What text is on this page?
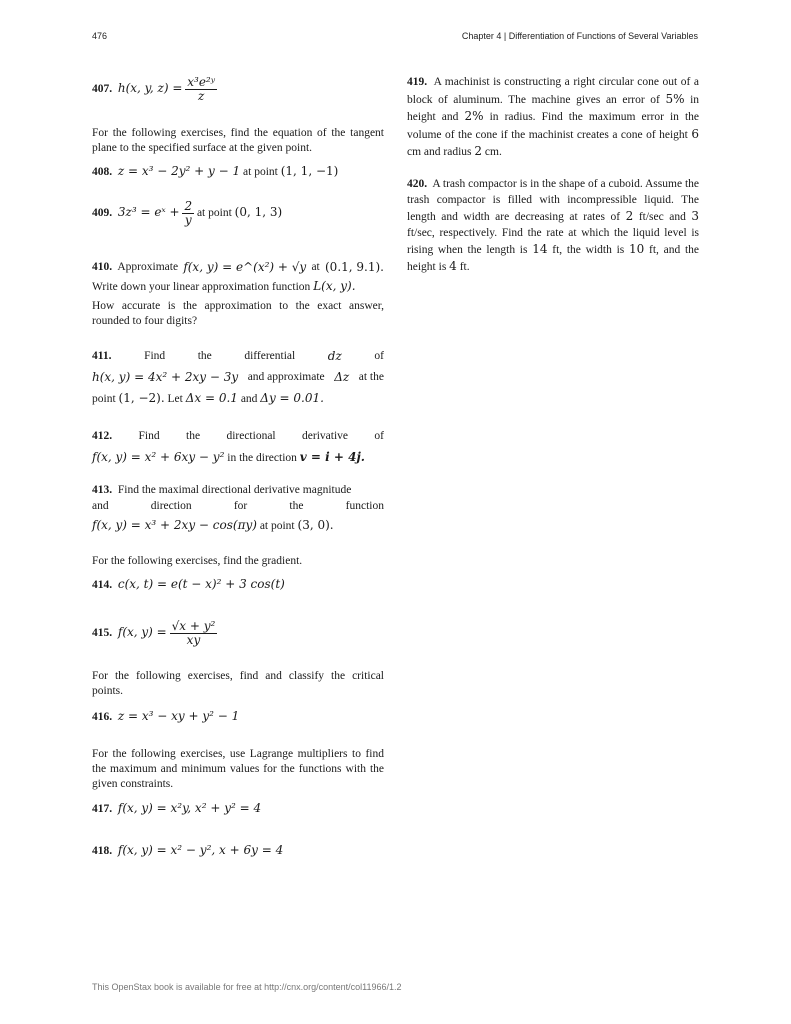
476	Chapter 4 | Differentiation of Functions of Several Variables
407. h(x, y, $z) = \frac{\text{x³e²ʸ}}{z}$
For the following exercises, find the equation of the tangent plane to the specified surface at the given point.
408. z = x³ − 2y² + y − 1 at point (1, 1, −1)
409. 3z³ = eˣ + $\frac{2}{y}$ at point (0, 1, 3)
410. Approximate f(x, y) = e^(x²) + √y at (0.1, 9.1).
Write down your linear approximation function L(x, y).
How accurate is the approximation to the exact answer, rounded to four digits?
411.	Find	the	differential	dz	of
h(x, y) = 4x² + 2xy − 3y and approximate Δz at the
point (1, −2). Let Δx = 0.1 and Δy = 0.01.
412. Find the directional derivative of
f(x, y) = x² + 6xy − y² in the direction v = i + 4j.
413. Find the maximal directional derivative magnitude
and	direction	for	the	function
f(x, y) = x³ + 2xy − cos(πy) at point (3, 0).
For the following exercises, find the gradient.
414. c(x, t) = e(t − x)² + 3 cos(t)
415. f(x, $y) = \frac{\text{√x + y²}}{xy}$
For the following exercises, find and classify the critical points.
416. z = x³ − xy + y² − 1
For the following exercises, use Lagrange multipliers to find the maximum and minimum values for the functions with the given constraints.
417. f(x, y) = x²y, x² + y² = 4
418. f(x, y) = x² − y², x + 6y = 4
419. A machinist is constructing a right circular cone out of a block of aluminum. The machine gives an error of 5% in height and 2% in radius. Find the maximum error in the volume of the cone if the machinist creates a cone of height 6 cm and radius 2 cm.
420. A trash compactor is in the shape of a cuboid. Assume the trash compactor is filled with incompressible liquid. The length and width are decreasing at rates of 2 ft/sec and 3 ft/sec, respectively. Find the rate at which the liquid level is rising when the length is 14 ft, the width is 10 ft, and the height is 4 ft.
This OpenStax book is available for free at http://cnx.org/content/col11966/1.2
